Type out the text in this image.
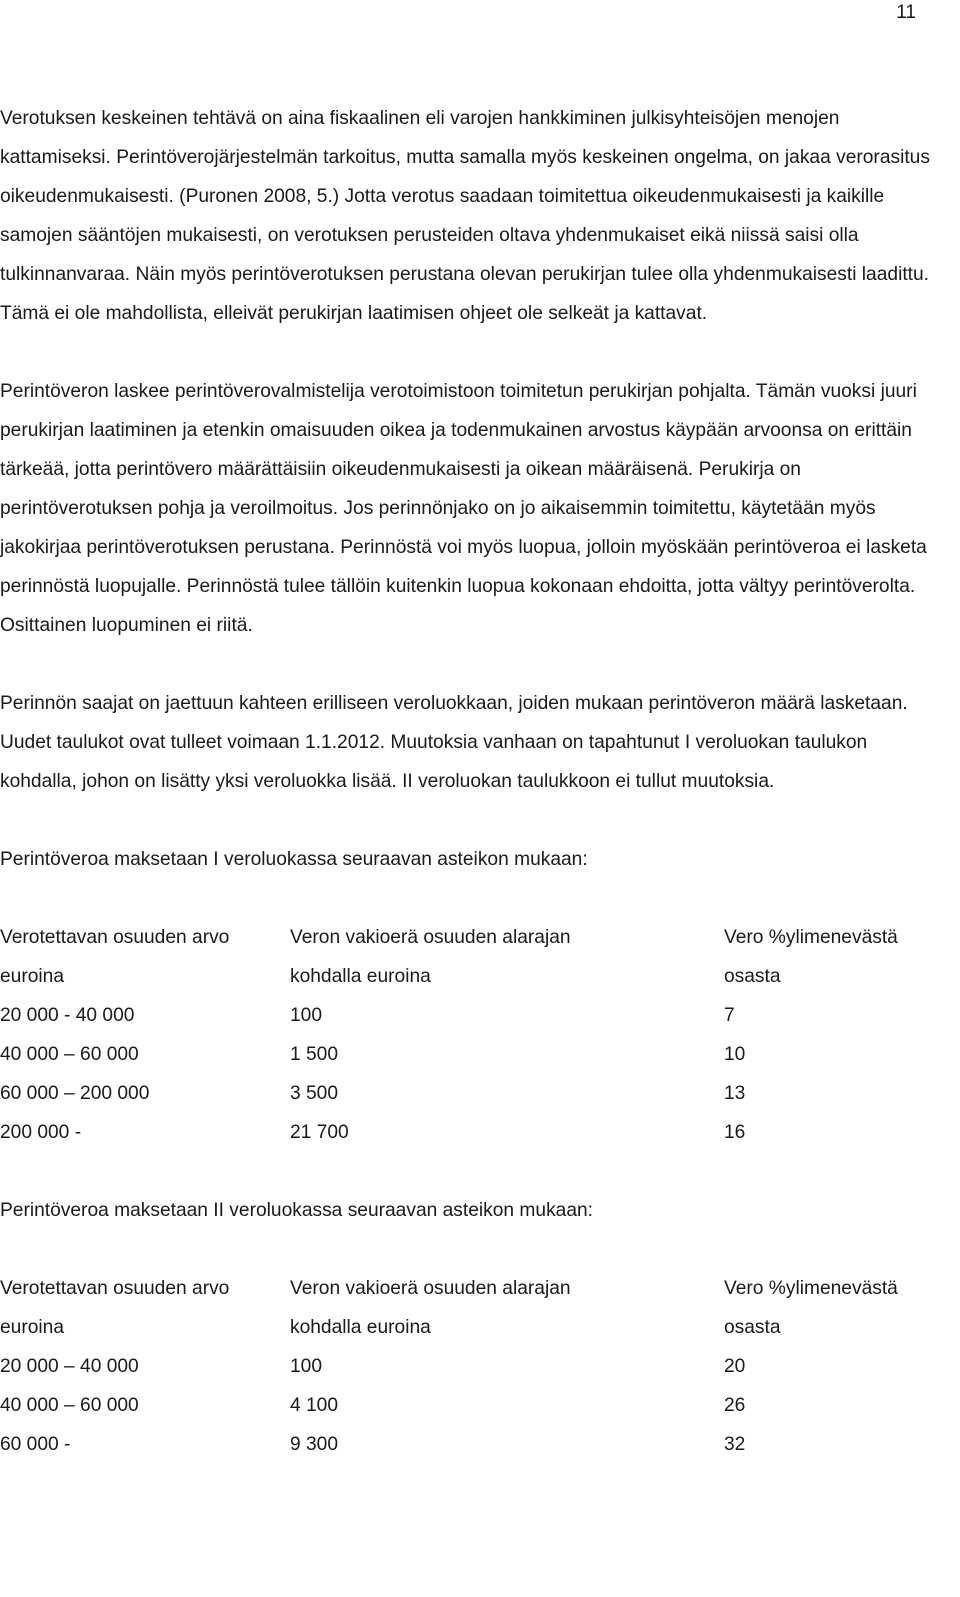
11

Verotuksen keskeinen tehtävä on aina fiskaalinen eli varojen hankkiminen julkisyhteisöjen menojen kattamiseksi. Perintöverojärjestelmän tarkoitus, mutta samalla myös keskeinen ongelma, on jakaa verorasitus oikeudenmukaisesti. (Puronen 2008, 5.) Jotta verotus saadaan toimitettua oikeudenmukaisesti ja kaikille samojen sääntöjen mukaisesti, on verotuksen perusteiden oltava yhdenmukaiset eikä niissä saisi olla tulkinnanvaraa. Näin myös perintöverotuksen perustana olevan perukirjan tulee olla yhdenmukaisesti laadittu. Tämä ei ole mahdollista, elleivät perukirjan laatimisen ohjeet ole selkeät ja kattavat.

Perintöveron laskee perintöverovalmistelija verotoimistoon toimitetun perukirjan pohjalta. Tämän vuoksi juuri perukirjan laatiminen ja etenkin omaisuuden oikea ja todenmukainen arvostus käypään arvoonsa on erittäin tärkeää, jotta perintövero määrättäisiin oikeudenmukaisesti ja oikean määräisenä. Perukirja on perintöverotuksen pohja ja veroilmoitus. Jos perinnönjako on jo aikaisemmin toimitettu, käytetään myös jakokirjaa perintöverotuksen perustana. Perinnöstä voi myös luopua, jolloin myöskään perintöveroa ei lasketa perinnöstä luopujalle. Perinnöstä tulee tällöin kuitenkin luopua kokonaan ehdoitta, jotta vältyy perintöverolta. Osittainen luopuminen ei riitä.

Perinnön saajat on jaettuun kahteen erilliseen veroluokkaan, joiden mukaan perintöveron määrä lasketaan. Uudet taulukot ovat tulleet voimaan 1.1.2012. Muutoksia vanhaan on tapahtunut I veroluokan taulukon kohdalla, johon on lisätty yksi veroluokka lisää. II veroluokan taulukkoon ei tullut muutoksia.

Perintöveroa maksetaan I veroluokassa seuraavan asteikon mukaan:

Verotettavan osuuden arvo	Veron vakioerä osuuden alarajan	Vero %ylimenevästä
euroina	kohdalla euroina	osasta
20 000 - 40 000	100	7
40 000 – 60 000	1 500	10
60 000 – 200 000	3 500	13
200 000 -	21 700	16

Perintöveroa maksetaan II veroluokassa seuraavan asteikon mukaan:

Verotettavan osuuden arvo	Veron vakioerä osuuden alarajan	Vero %ylimenevästä
euroina	kohdalla euroina	osasta
20 000 – 40 000	100	20
40 000 – 60 000	4 100	26
60 000 -	9 300	32
